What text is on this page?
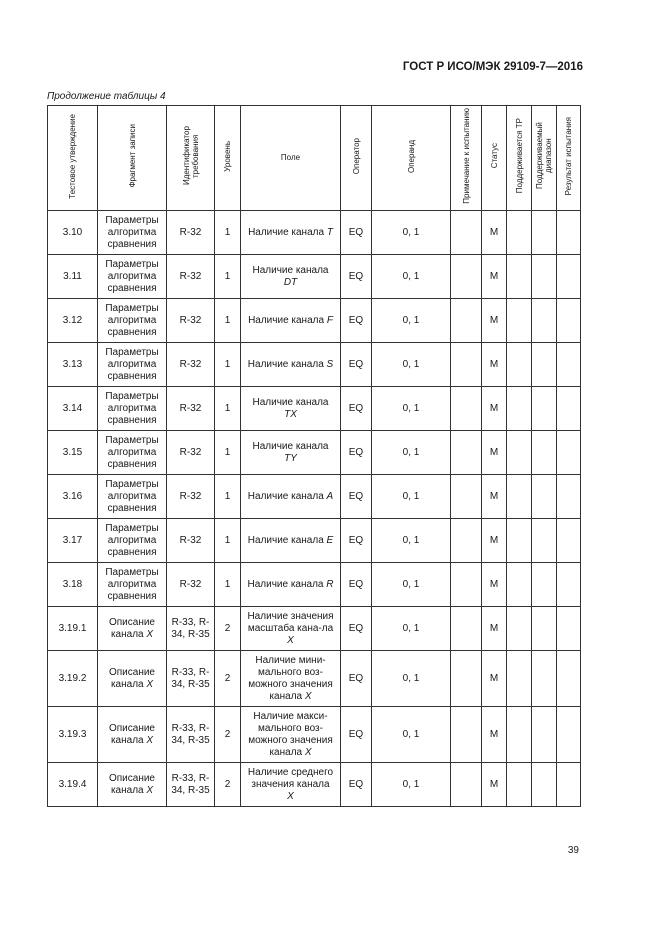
ГОСТ Р ИСО/МЭК 29109-7—2016
Продолжение таблицы 4
Тестовое утверждение	Фрагмент записи	Идентификатор требования	Уровень	Поле	Оператор	Операнд	Примечание к испытанию	Статус	Поддерживается ТР	Поддерживаемый диапазон	Результат испытания

3.10	Параметры алгоритма сравнения	R-32	1	Наличие канала T	EQ	0, 1		M			
3.11	Параметры алгоритма сравнения	R-32	1	Наличие канала DT	EQ	0, 1		M			
3.12	Параметры алгоритма сравнения	R-32	1	Наличие канала F	EQ	0, 1		M			
3.13	Параметры алгоритма сравнения	R-32	1	Наличие канала S	EQ	0, 1		M			
3.14	Параметры алгоритма сравнения	R-32	1	Наличие канала TX	EQ	0, 1		M			
3.15	Параметры алгоритма сравнения	R-32	1	Наличие канала TY	EQ	0, 1		M			
3.16	Параметры алгоритма сравнения	R-32	1	Наличие канала A	EQ	0, 1		M			
3.17	Параметры алгоритма сравнения	R-32	1	Наличие канала E	EQ	0, 1		M			
3.18	Параметры алгоритма сравнения	R-32	1	Наличие канала R	EQ	0, 1		M			
3.19.1	Описание канала X	R-33, R-34, R-35	2	Наличие значения масштаба кана-ла X	EQ	0, 1		M			
3.19.2	Описание канала X	R-33, R-34, R-35	2	Наличие мини-мального воз-можного значения канала X	EQ	0, 1		M			
3.19.3	Описание канала X	R-33, R-34, R-35	2	Наличие макси-мального воз-можного значения канала X	EQ	0, 1		M			
3.19.4	Описание канала X	R-33, R-34, R-35	2	Наличие среднего значения канала X	EQ	0, 1		M			
39
